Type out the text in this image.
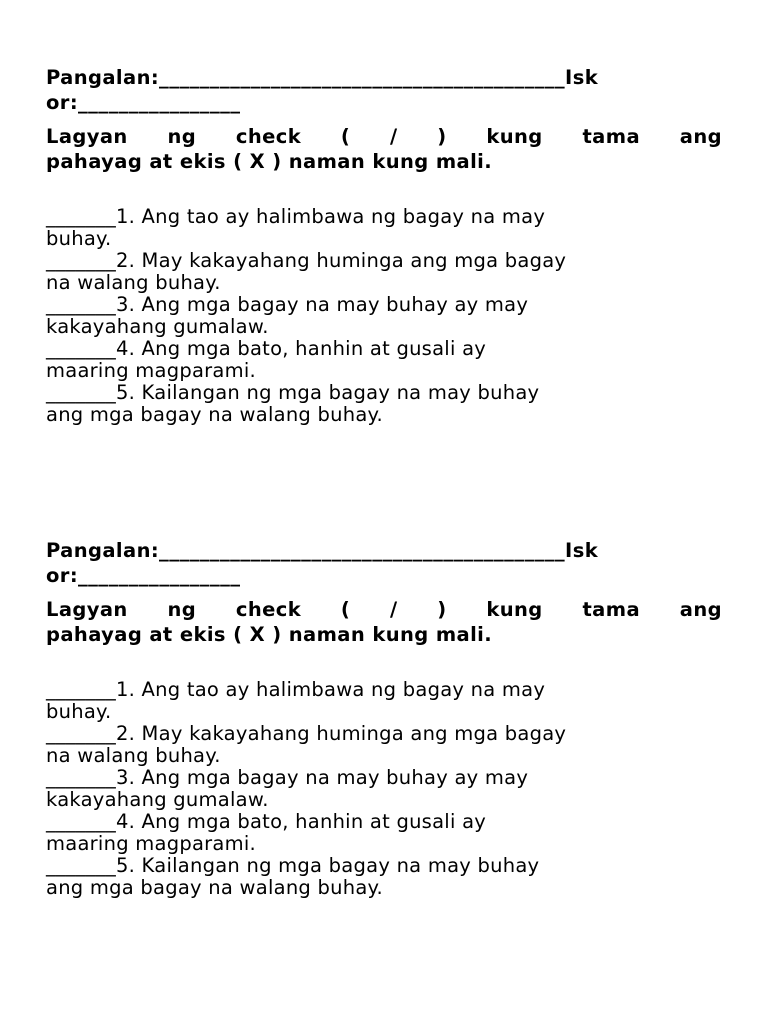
Pangalan:________________________________________Isk
or:________________
Lagyan ng check ( / ) kung tama ang
pahayag at ekis ( X ) naman kung mali.
_______1. Ang tao ay halimbawa ng bagay na may
buhay.
_______2. May kakayahang huminga ang mga bagay
na walang buhay.
_______3. Ang mga bagay na may buhay ay may
kakayahang gumalaw.
_______4. Ang mga bato, hanhin at gusali ay
maaring magparami.
_______5. Kailangan ng mga bagay na may buhay
ang mga bagay na walang buhay.
Pangalan:________________________________________Isk
or:________________
Lagyan ng check ( / ) kung tama ang
pahayag at ekis ( X ) naman kung mali.
_______1. Ang tao ay halimbawa ng bagay na may
buhay.
_______2. May kakayahang huminga ang mga bagay
na walang buhay.
_______3. Ang mga bagay na may buhay ay may
kakayahang gumalaw.
_______4. Ang mga bato, hanhin at gusali ay
maaring magparami.
_______5. Kailangan ng mga bagay na may buhay
ang mga bagay na walang buhay.
